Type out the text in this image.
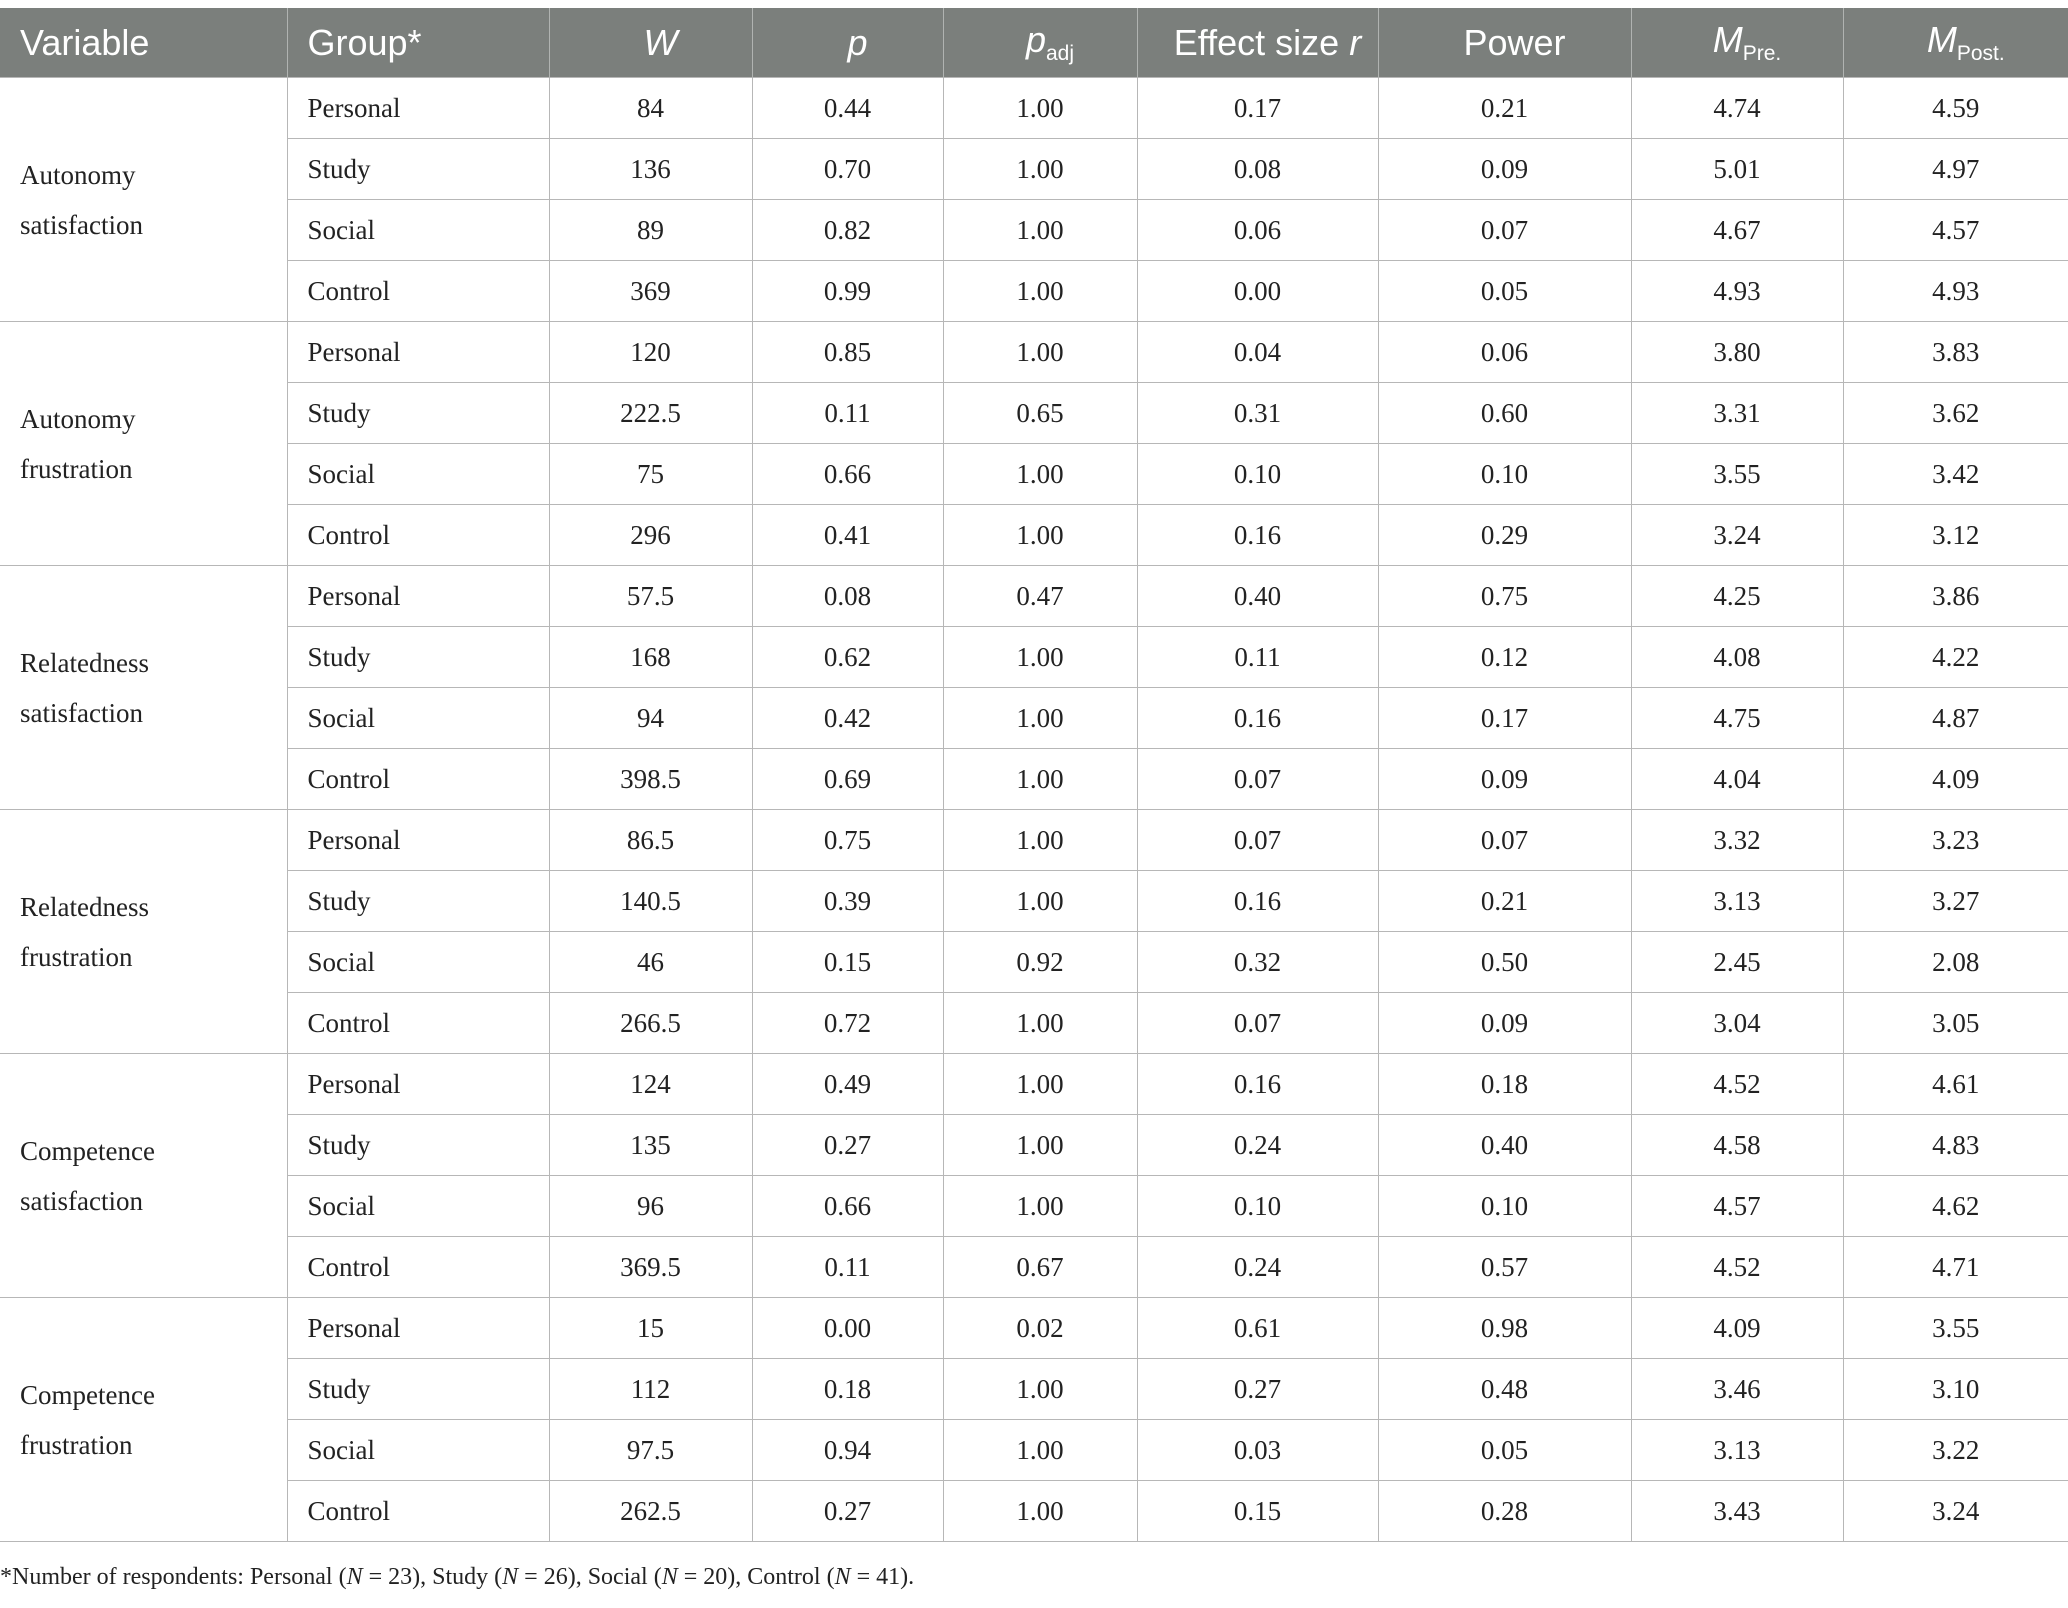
Variable	Group*	W	p	$p_{adj}$	Effect size r	Power	$M_{Pre.}$	$M_{Post.}$

Autonomy
satisfaction	Personal	84	0.44	1.00	0.17	0.21	4.74	4.59
	Study	136	0.70	1.00	0.08	0.09	5.01	4.97
	Social	89	0.82	1.00	0.06	0.07	4.67	4.57
	Control	369	0.99	1.00	0.00	0.05	4.93	4.93

Autonomy
frustration	Personal	120	0.85	1.00	0.04	0.06	3.80	3.83
	Study	222.5	0.11	0.65	0.31	0.60	3.31	3.62
	Social	75	0.66	1.00	0.10	0.10	3.55	3.42
	Control	296	0.41	1.00	0.16	0.29	3.24	3.12

Relatedness
satisfaction	Personal	57.5	0.08	0.47	0.40	0.75	4.25	3.86
	Study	168	0.62	1.00	0.11	0.12	4.08	4.22
	Social	94	0.42	1.00	0.16	0.17	4.75	4.87
	Control	398.5	0.69	1.00	0.07	0.09	4.04	4.09

Relatedness
frustration	Personal	86.5	0.75	1.00	0.07	0.07	3.32	3.23
	Study	140.5	0.39	1.00	0.16	0.21	3.13	3.27
	Social	46	0.15	0.92	0.32	0.50	2.45	2.08
	Control	266.5	0.72	1.00	0.07	0.09	3.04	3.05

Competence
satisfaction	Personal	124	0.49	1.00	0.16	0.18	4.52	4.61
	Study	135	0.27	1.00	0.24	0.40	4.58	4.83
	Social	96	0.66	1.00	0.10	0.10	4.57	4.62
	Control	369.5	0.11	0.67	0.24	0.57	4.52	4.71

Competence
frustration	Personal	15	0.00	0.02	0.61	0.98	4.09	3.55
	Study	112	0.18	1.00	0.27	0.48	3.46	3.10
	Social	97.5	0.94	1.00	0.03	0.05	3.13	3.22
	Control	262.5	0.27	1.00	0.15	0.28	3.43	3.24
*Number of respondents: Personal (N = 23), Study (N = 26), Social (N = 20), Control (N = 41).
